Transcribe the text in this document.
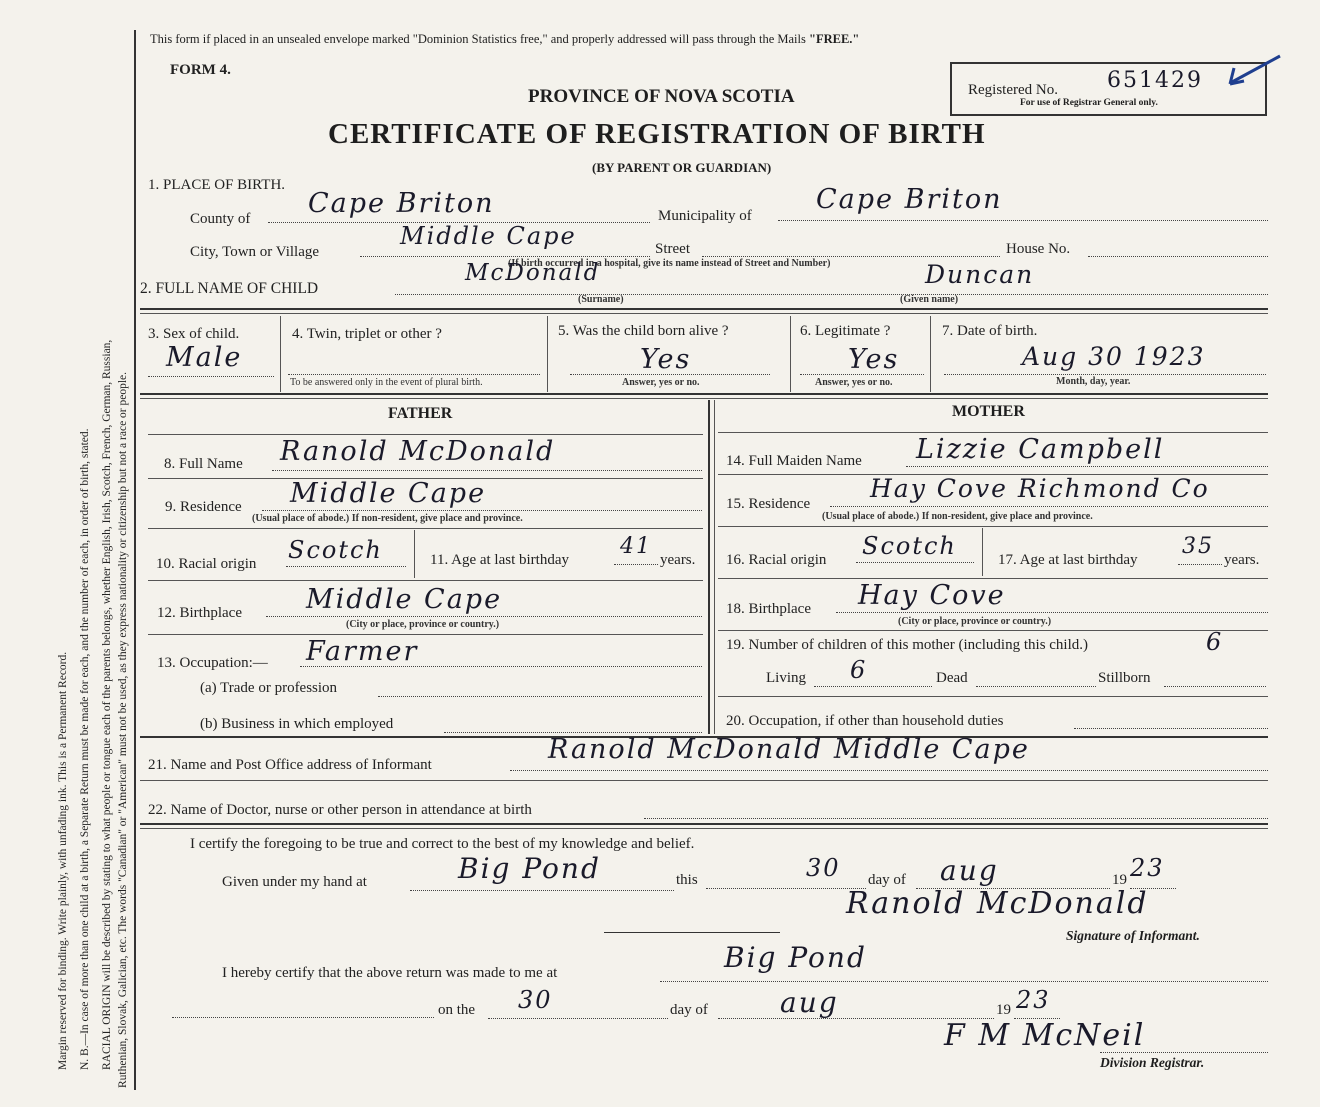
Margin reserved for binding. Write plainly, with unfading ink. This is a Permanent Record. N. B.—In case of more than one child at a birth, a Separate Return must be made for each, and the number of each, in order of birth, stated. RACIAL ORIGIN will be described by stating to what people or tongue each of the parents belongs, whether English, Irish, Scotch, French, German, Russian, Ruthenian, Slovak, Galician, etc. The words "Canadian" or "American" must not be used, as they express nationality or citizenship but not a race or people.
This form if placed in an unsealed envelope marked "Dominion Statistics free," and properly addressed will pass through the Mails "FREE."
FORM 4.
PROVINCE OF NOVA SCOTIA
CERTIFICATE OF REGISTRATION OF BIRTH
(BY PARENT OR GUARDIAN)
Registered No. 651429
For use of Registrar General only.
1. PLACE OF BIRTH.
County of Cape Briton	Municipality of
Cape Briton
City, Town or Village
Middle Cape	Street	House No.
(If birth occurred in a hospital, give its name instead of Street and Number)
2. FULL NAME OF CHILD
McDonald	Duncan
(Surname)	(Given name)
3. Sex of child.
Male
4. Twin, triplet or other ?
To be answered only in the event of plural birth.
5. Was the child born alive ?
Yes
Answer, yes or no.
6. Legitimate ?
Yes
Answer, yes or no.
7. Date of birth.
Aug 30 1923
Month, day, year.
FATHER	MOTHER
8. Full Name Ranold McDonald
9. Residence Middle Cape
(Usual place of abode.) If non-resident, give place and province.
10. Racial origin Scotch	11. Age at last birthday
41
years.
12. Birthplace Middle Cape
(City or place, province or country.)
13. Occupation:— Farmer
(a) Trade or profession
(b) Business in which employed
14. Full Maiden Name Lizzie Campbell
15. Residence
Hay Cove Richmond Co
(Usual place of abode.) If non-resident, give place and province.
16. Racial origin Scotch	17. Age at last birthday
35
years.
18. Birthplace Hay Cove
(City or place, province or country.)
19. Number of children of this mother (including this child.)	6
Living 6	Dead	Stillborn
20. Occupation, if other than household duties
21. Name and Post Office address of Informant	Ranold McDonald Middle Cape
22. Name of Doctor, nurse or other person in attendance at birth
I certify the foregoing to be true and correct to the best of my knowledge and belief.
Given under my hand at	Big Pond	this	30 day of aug	19 23
Ranold McDonald
Signature of Informant.
I hereby certify that the above return was made to me at	Big Pond
on the 30	day of	aug	19 23
F M McNeil
Division Registrar.
